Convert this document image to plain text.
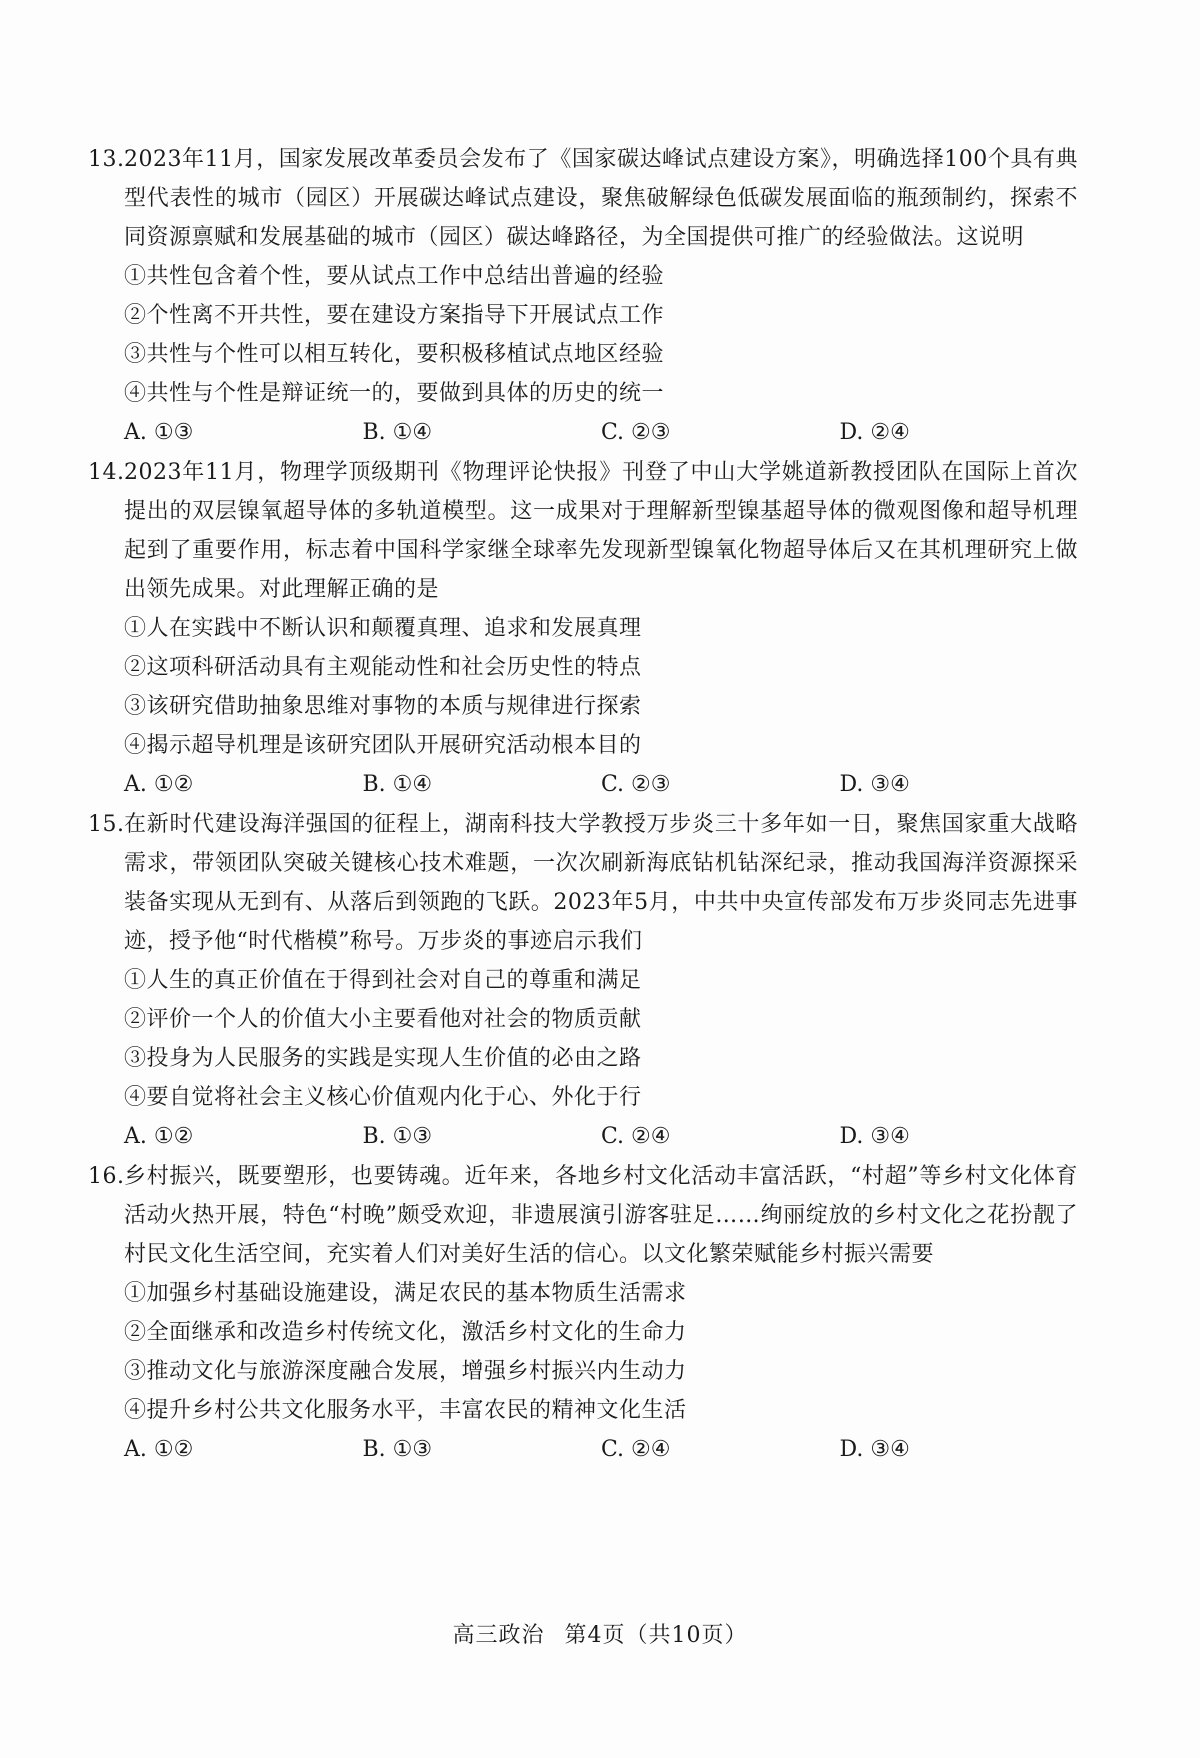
13. 2023年11月，国家发展改革委员会发布了《国家碳达峰试点建设方案》，明确选择100个具有典型代表性的城市（园区）开展碳达峰试点建设，聚焦破解绿色低碳发展面临的瓶颈制约，探索不同资源禀赋和发展基础的城市（园区）碳达峰路径，为全国提供可推广的经验做法。这说明

①共性包含着个性，要从试点工作中总结出普遍的经验

②个性离不开共性，要在建设方案指导下开展试点工作

③共性与个性可以相互转化，要积极移植试点地区经验

④共性与个性是辩证统一的，要做到具体的历史的统一

A. ①③	B. ①④	C. ②③	D. ②④

14. 2023年11月，物理学顶级期刊《物理评论快报》刊登了中山大学姚道新教授团队在国际上首次提出的双层镍氧超导体的多轨道模型。这一成果对于理解新型镍基超导体的微观图像和超导机理起到了重要作用，标志着中国科学家继全球率先发现新型镍氧化物超导体后又在其机理研究上做出领先成果。对此理解正确的是

①人在实践中不断认识和颠覆真理、追求和发展真理

②这项科研活动具有主观能动性和社会历史性的特点

③该研究借助抽象思维对事物的本质与规律进行探索

④揭示超导机理是该研究团队开展研究活动根本目的

A. ①②	B. ①④	C. ②③	D. ③④

15. 在新时代建设海洋强国的征程上，湖南科技大学教授万步炎三十多年如一日，聚焦国家重大战略需求，带领团队突破关键核心技术难题，一次次刷新海底钻机钻深纪录，推动我国海洋资源探采装备实现从无到有、从落后到领跑的飞跃。2023年5月，中共中央宣传部发布万步炎同志先进事迹，授予他“时代楷模”称号。万步炎的事迹启示我们

①人生的真正价值在于得到社会对自己的尊重和满足

②评价一个人的价值大小主要看他对社会的物质贡献

③投身为人民服务的实践是实现人生价值的必由之路

④要自觉将社会主义核心价值观内化于心、外化于行

A. ①②	B. ①③	C. ②④	D. ③④

16. 乡村振兴，既要塑形，也要铸魂。近年来，各地乡村文化活动丰富活跃，“村超”等乡村文化体育活动火热开展，特色“村晚”颇受欢迎，非遗展演引游客驻足……绚丽绽放的乡村文化之花扮靓了村民文化生活空间，充实着人们对美好生活的信心。以文化繁荣赋能乡村振兴需要

①加强乡村基础设施建设，满足农民的基本物质生活需求

②全面继承和改造乡村传统文化，激活乡村文化的生命力

③推动文化与旅游深度融合发展，增强乡村振兴内生动力

④提升乡村公共文化服务水平，丰富农民的精神文化生活

A. ①②	B. ①③	C. ②④	D. ③④
高三政治 第4页（共10页）
